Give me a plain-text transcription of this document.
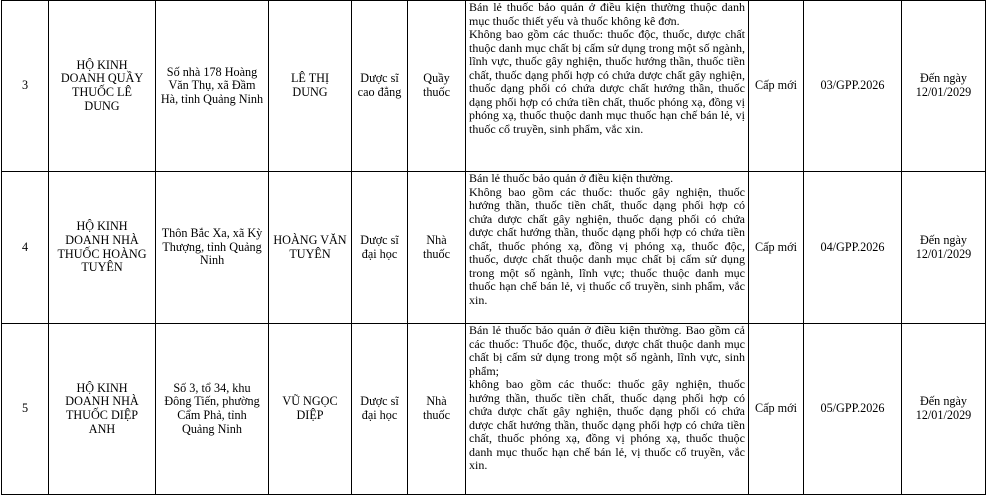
3	HỘ KINH DOANH QUẦY THUỐC LÊ DUNG	Số nhà 178 Hoàng Văn Thụ, xã Đầm Hà, tỉnh Quảng Ninh	LÊ THỊ DUNG	Dược sĩ cao đẳng	Quầy thuốc	Bán lẻ thuốc bảo quản ở điều kiện thường thuộc danh mục thuốc thiết yếu và thuốc không kê đơn.
Không bao gồm các thuốc: thuốc độc, thuốc, dược chất thuộc danh mục chất bị cấm sử dụng trong một số ngành, lĩnh vực, thuốc gây nghiện, thuốc hướng thần, thuốc tiền chất, thuốc dạng phối hợp có chứa dược chất gây nghiện, thuốc dạng phối có chứa dược chất hướng thần, thuốc dạng phối hợp có chứa tiền chất, thuốc phóng xạ, đồng vị phóng xạ, thuốc thuộc danh mục thuốc hạn chế bán lẻ, vị thuốc cổ truyền, sinh phẩm, vắc xin.	Cấp mới	03/GPP.2026	Đến ngày 12/01/2029
4	HỘ KINH DOANH NHÀ THUỐC HOÀNG TUYÊN	Thôn Bắc Xa, xã Kỳ Thượng, tỉnh Quảng Ninh	HOÀNG VĂN TUYÊN	Dược sĩ đại học	Nhà thuốc	Bán lẻ thuốc bảo quản ở điều kiện thường.
Không bao gồm các thuốc: thuốc gây nghiện, thuốc hướng thần, thuốc tiền chất, thuốc dạng phối hợp có chứa dược chất gây nghiện, thuốc dạng phối có chứa dược chất hướng thần, thuốc dạng phối hợp có chứa tiền chất, thuốc phóng xạ, đồng vị phóng xạ, thuốc độc, thuốc, dược chất thuộc danh mục chất bị cấm sử dụng trong một số ngành, lĩnh vực; thuốc thuộc danh mục thuốc hạn chế bán lẻ, vị thuốc cổ truyền, sinh phẩm, vắc xin.	Cấp mới	04/GPP.2026	Đến ngày 12/01/2029
5	HỘ KINH DOANH NHÀ THUỐC DIỆP ANH	Số 3, tổ 34, khu Đông Tiến, phường Cẩm Phả, tỉnh Quảng Ninh	VŨ NGỌC DIỆP	Dược sĩ đại học	Nhà thuốc	Bán lẻ thuốc bảo quản ở điều kiện thường. Bao gồm cả các thuốc: Thuốc độc, thuốc, dược chất thuộc danh mục chất bị cấm sử dụng trong một số ngành, lĩnh vực, sinh phẩm;
không bao gồm các thuốc: thuốc gây nghiện, thuốc hướng thần, thuốc tiền chất, thuốc dạng phối hợp có chứa dược chất gây nghiện, thuốc dạng phối có chứa dược chất hướng thần, thuốc dạng phối hợp có chứa tiền chất, thuốc phóng xạ, đồng vị phóng xạ, thuốc thuộc danh mục thuốc hạn chế bán lẻ, vị thuốc cổ truyền, vắc xin.	Cấp mới	05/GPP.2026	Đến ngày 12/01/2029
